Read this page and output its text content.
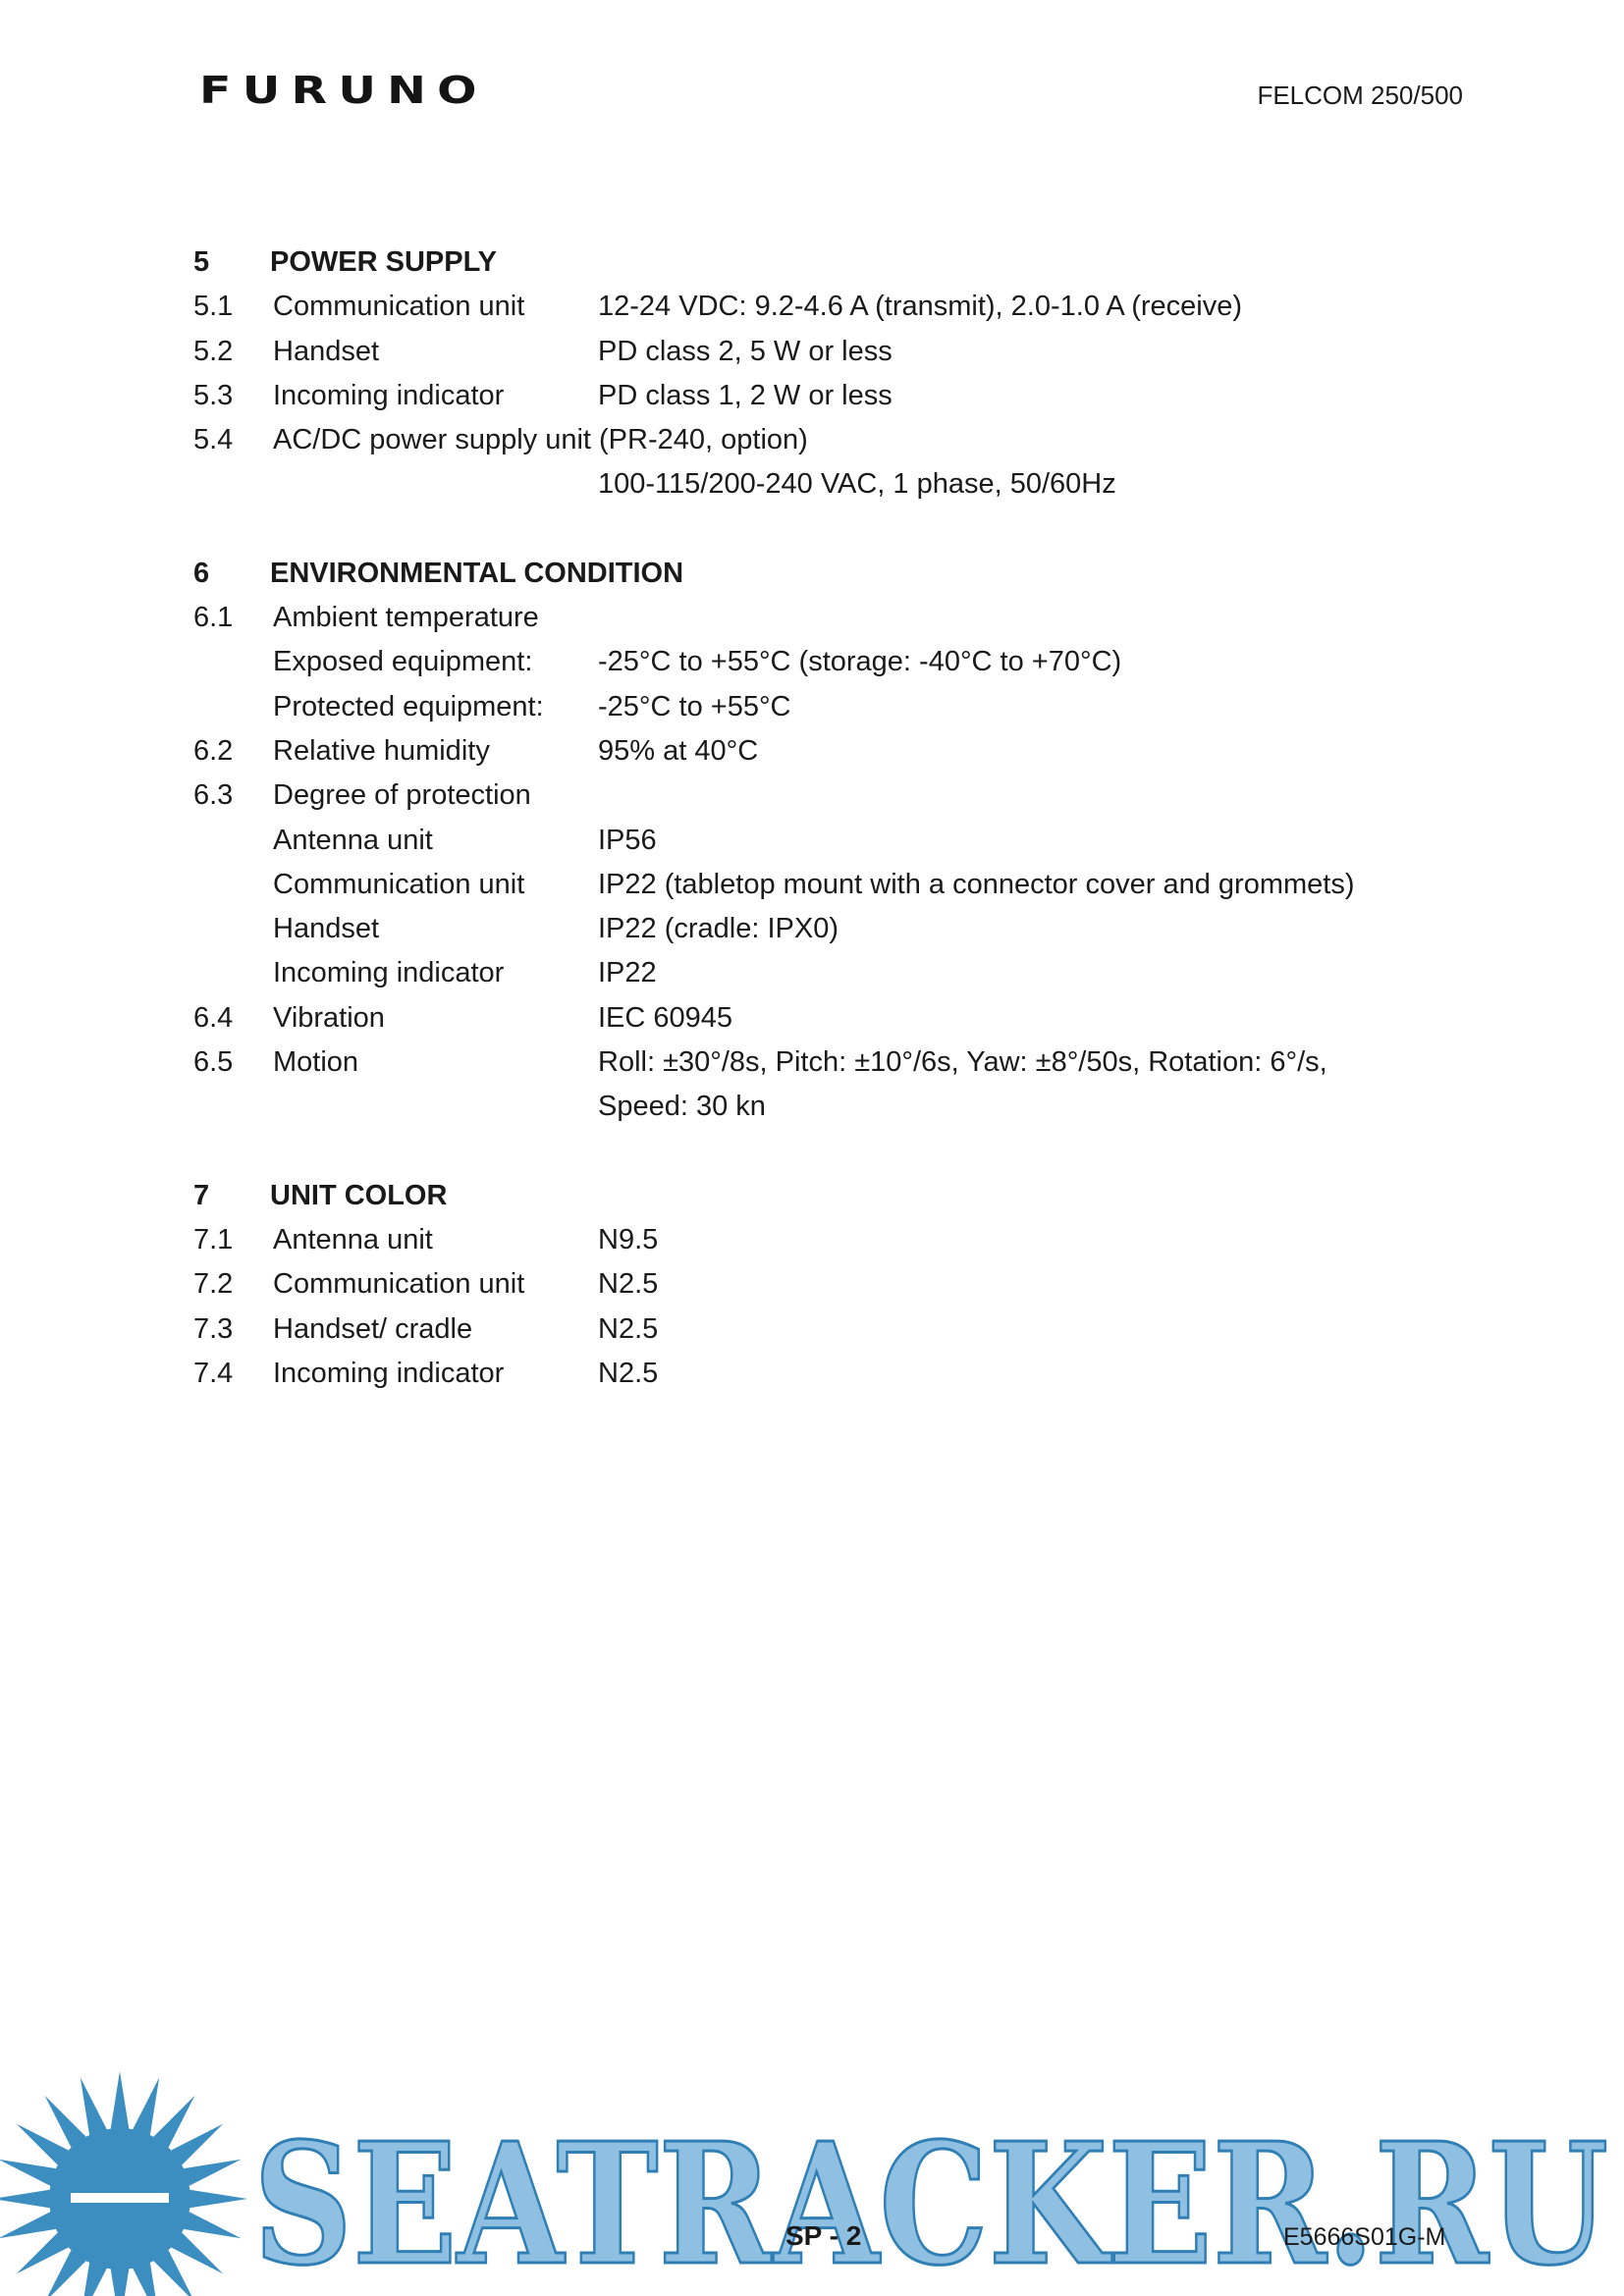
FURUNO	FELCOM 250/500
5 POWER SUPPLY
5.1 Communication unit	12-24 VDC: 9.2-4.6 A (transmit), 2.0-1.0 A (receive)
5.2 Handset	PD class 2, 5 W or less
5.3 Incoming indicator	PD class 1, 2 W or less
5.4 AC/DC power supply unit (PR-240, option)
100-115/200-240 VAC, 1 phase, 50/60Hz
6 ENVIRONMENTAL CONDITION
6.1 Ambient temperature
Exposed equipment: -25°C to +55°C (storage: -40°C to +70°C)
Protected equipment: -25°C to +55°C
6.2 Relative humidity	95% at 40°C
6.3 Degree of protection
Antenna unit	IP56
Communication unit	IP22 (tabletop mount with a connector cover and grommets)
Handset	IP22 (cradle: IPX0)
Incoming indicator	IP22
6.4 Vibration	IEC 60945
6.5 Motion	Roll: ±30°/8s, Pitch: ±10°/6s, Yaw: ±8°/50s, Rotation: 6°/s,
Speed: 30 kn
7 UNIT COLOR
7.1 Antenna unit	N9.5
7.2 Communication unit	N2.5
7.3 Handset/ cradle	N2.5
7.4 Incoming indicator	N2.5
SEATRACKER.RU
SP - 2	E5666S01G-M
